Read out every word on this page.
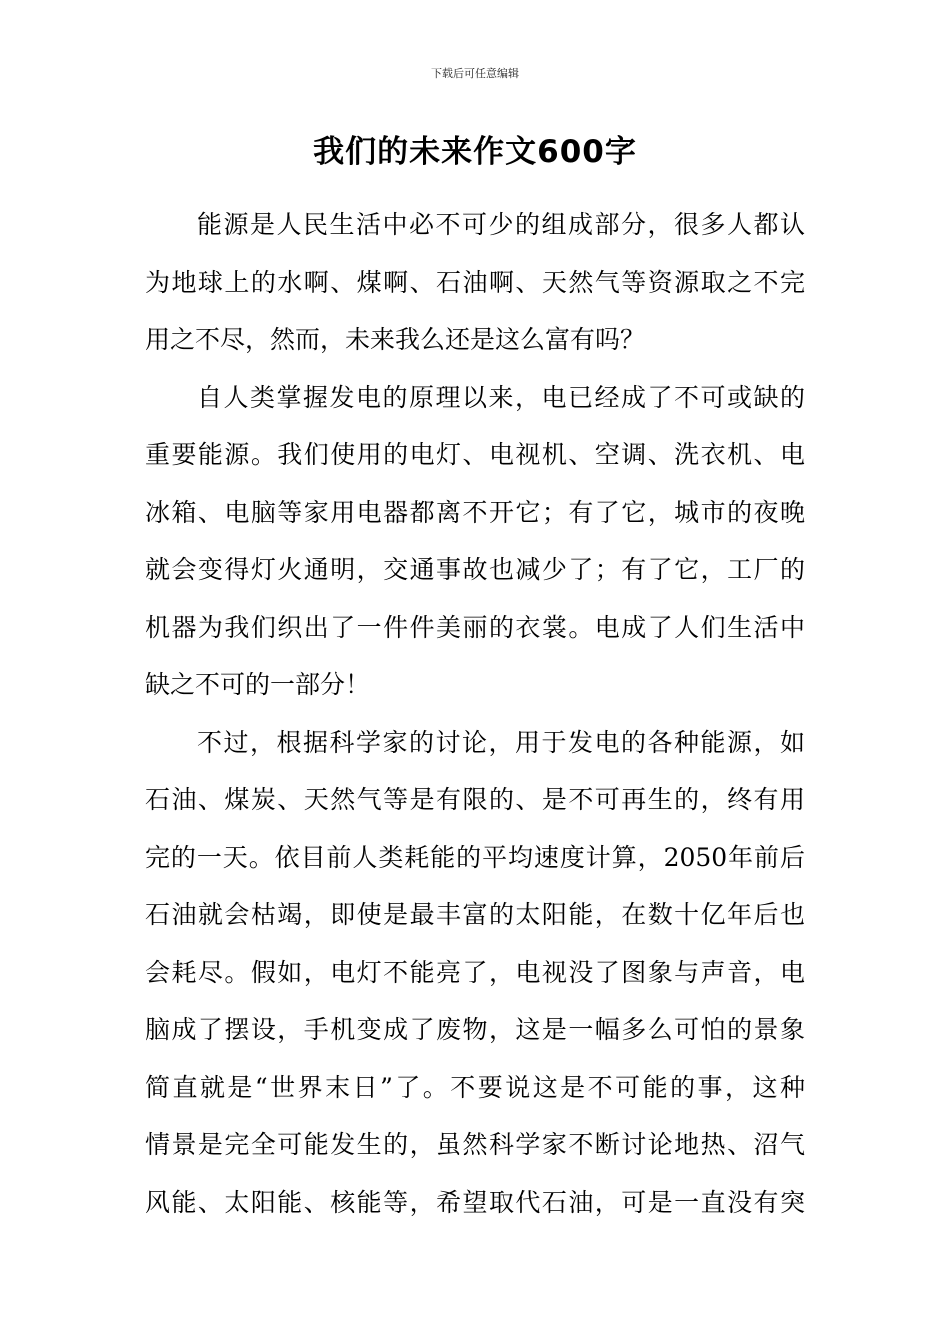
下载后可任意编辑
我们的未来作文600字
能源是人民生活中必不可少的组成部分，很多人都认
为地球上的水啊、煤啊、石油啊、天然气等资源取之不完
用之不尽，然而，未来我么还是这么富有吗？
自人类掌握发电的原理以来，电已经成了不可或缺的
重要能源。我们使用的电灯、电视机、空调、洗衣机、电
冰箱、电脑等家用电器都离不开它；有了它，城市的夜晚
就会变得灯火通明，交通事故也减少了；有了它，工厂的
机器为我们织出了一件件美丽的衣裳。电成了人们生活中
缺之不可的一部分！
不过，根据科学家的讨论，用于发电的各种能源，如
石油、煤炭、天然气等是有限的、是不可再生的，终有用
完的一天。依目前人类耗能的平均速度计算，2050年前后
石油就会枯竭，即使是最丰富的太阳能，在数十亿年后也
会耗尽。假如，电灯不能亮了，电视没了图象与声音，电
脑成了摆设，手机变成了废物，这是一幅多么可怕的景象
简直就是“世界末日”了。不要说这是不可能的事，这种
情景是完全可能发生的，虽然科学家不断讨论地热、沼气
风能、太阳能、核能等，希望取代石油，可是一直没有突
